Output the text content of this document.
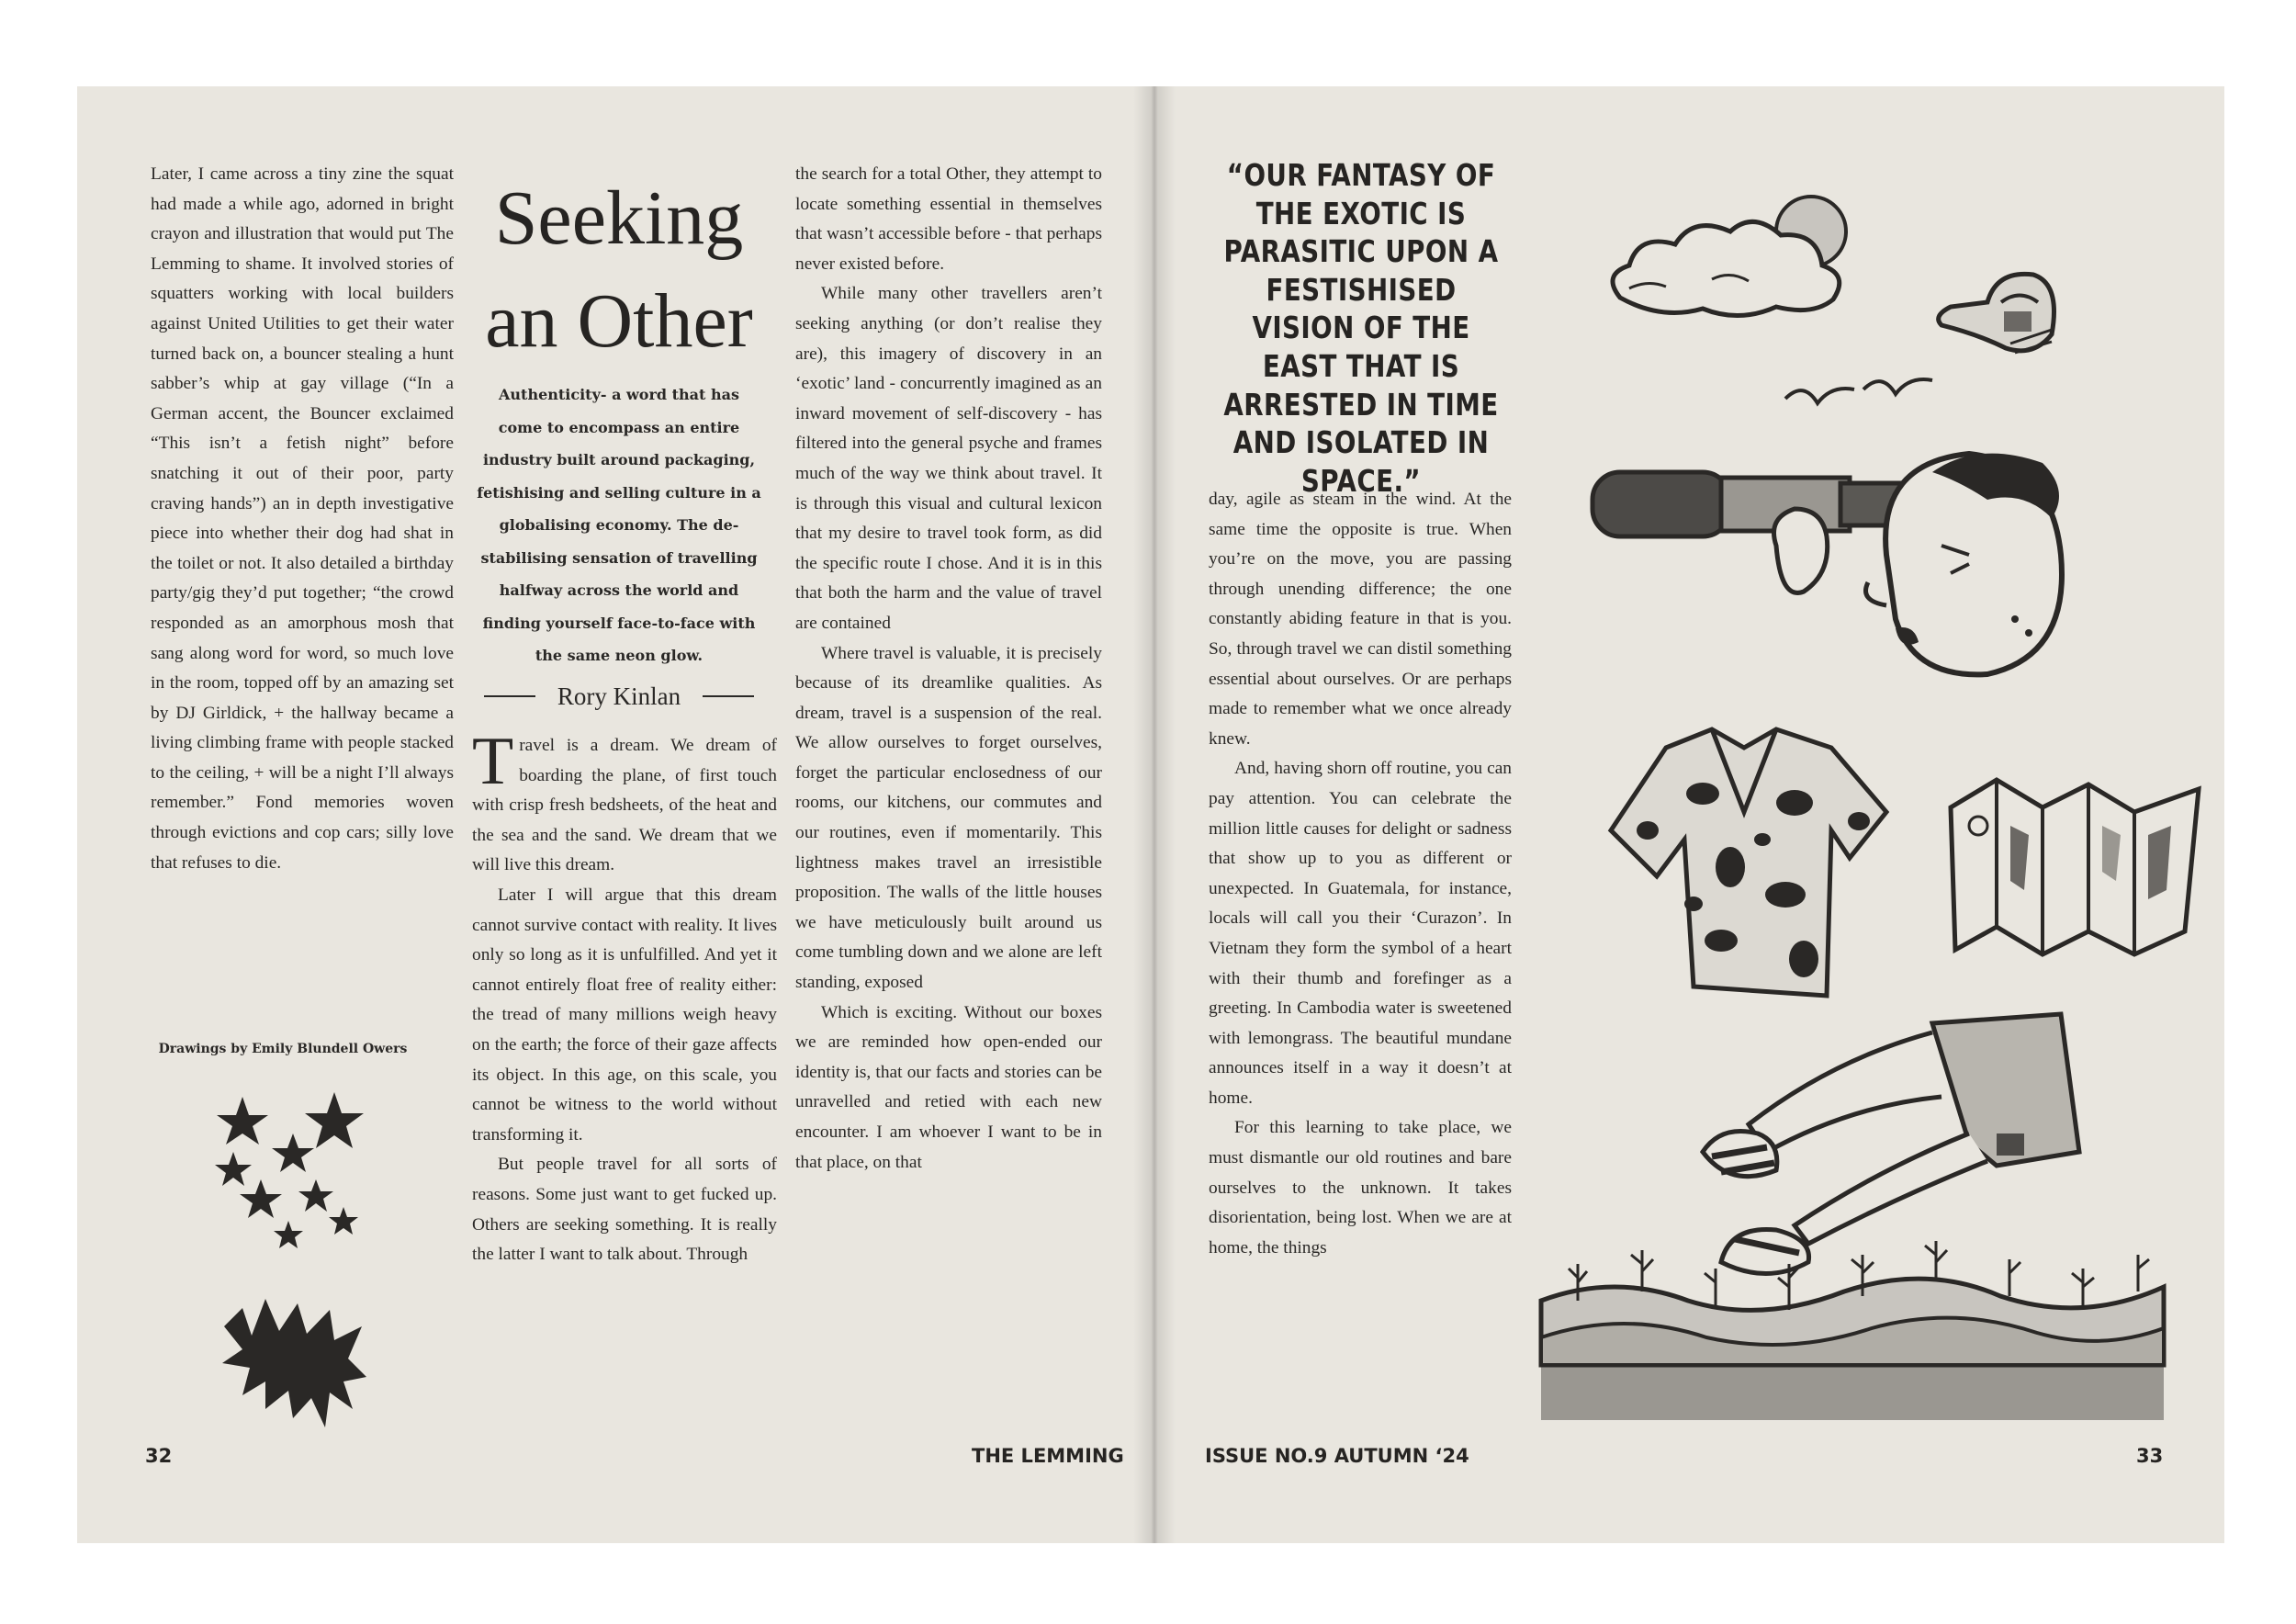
Later, I came across a tiny zine the squat had made a while ago, adorned in bright crayon and illustration that would put The Lemming to shame. It involved stories of squatters working with local builders against United Utilities to get their water turned back on, a bouncer stealing a hunt sabber’s whip at gay village (“In a German accent, the Bouncer exclaimed “This isn’t a fetish night” before snatching it out of their poor, party craving hands”) an in depth investigative piece into whether their dog had shat in the toilet or not. It also detailed a birthday party/gig they’d put together; “the crowd responded as an amorphous mosh that sang along word for word, so much love in the room, topped off by an amazing set by DJ Girldick, + the hallway became a living climbing frame with people stacked to the ceiling, + will be a night I’ll always remember.” Fond memories woven through evictions and cop cars; silly love that refuses to die.

Drawings by Emily Blundell Owers
Seeking
an Other
Authenticity- a word that has come to encompass an entire industry built around packaging, fetishising and selling culture in a globalising economy. The de-stabilising sensation of travelling halfway across the world and finding yourself face-to-face with the same neon glow.
Rory Kinlan

Travel is a dream. We dream of boarding the plane, of first touch with crisp fresh bedsheets, of the heat and the sea and the sand. We dream that we will live this dream.

Later I will argue that this dream cannot survive contact with reality. It lives only so long as it is unfulfilled. And yet it cannot entirely float free of reality either: the tread of many millions weigh heavy on the earth; the force of their gaze affects its object. In this age, on this scale, you cannot be witness to the world without transforming it.

But people travel for all sorts of reasons. Some just want to get fucked up. Others are seeking something. It is really the latter I want to talk about. Through

the search for a total Other, they attempt to locate something essential in themselves that wasn’t accessible before - that perhaps never existed before.

While many other travellers aren’t seeking anything (or don’t realise they are), this imagery of discovery in an ‘exotic’ land - concurrently imagined as an inward movement of self-discovery - has filtered into the general psyche and frames much of the way we think about travel. It is through this visual and cultural lexicon that my desire to travel took form, as did the specific route I chose. And it is in this that both the harm and the value of travel are contained

Where travel is valuable, it is precisely because of its dreamlike qualities. As dream, travel is a suspension of the real. We allow ourselves to forget ourselves, forget the particular enclosedness of our rooms, our kitchens, our commutes and our routines, even if momentarily. This lightness makes travel an irresistible proposition. The walls of the little houses we have meticulously built around us come tumbling down and we alone are left standing, exposed

Which is exciting. Without our boxes we are reminded how open-ended our identity is, that our facts and stories can be unravelled and retied with each new encounter. I am whoever I want to be in that place, on that

32	THE LEMMING
“OUR FANTASY OF THE EXOTIC IS PARASITIC UPON A FESTISHISED VISION OF THE EAST THAT IS ARRESTED IN TIME AND ISOLATED IN SPACE.”

day, agile as steam in the wind. At the same time the opposite is true. When you’re on the move, you are passing through unending difference; the one constantly abiding feature in that is you. So, through travel we can distil something essential about ourselves. Or are perhaps made to remember what we once already knew.

And, having shorn off routine, you can pay attention. You can celebrate the million little causes for delight or sadness that show up to you as different or unexpected. In Guatemala, for instance, locals will call you their ‘Curazon’. In Vietnam they form the symbol of a heart with their thumb and forefinger as a greeting. In Cambodia water is sweetened with lemongrass. The beautiful mundane announces itself in a way it doesn’t at home.

For this learning to take place, we must dismantle our old routines and bare ourselves to the unknown. It takes disorientation, being lost. When we are at home, the things

ISSUE NO.9 AUTUMN ‘24	33
